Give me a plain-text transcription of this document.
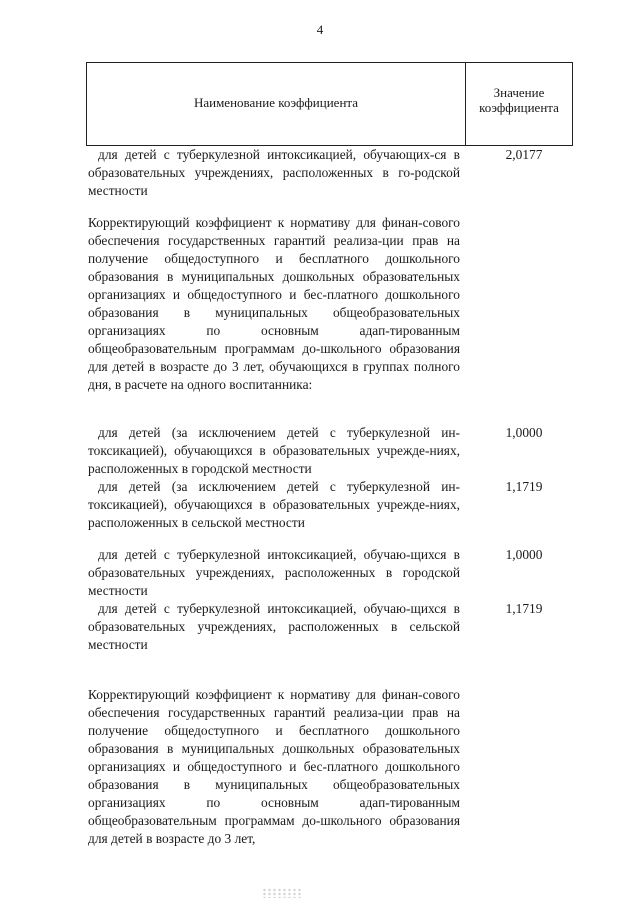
4
Наименование коэффициента
Значение
коэффициента
для детей с туберкулезной интоксикацией, обучающих-ся в образовательных учреждениях, расположенных в го-родской местности
2,0177
Корректирующий коэффициент к нормативу для финан-сового обеспечения государственных гарантий реализа-ции прав на получение общедоступного и бесплатного дошкольного образования в муниципальных дошкольных образовательных организациях и общедоступного и бес-платного дошкольного образования в муниципальных общеобразовательных организациях по основным адап-тированным общеобразовательным программам до-школьного образования для детей в возрасте до 3 лет, обучающихся в группах полного дня, в расчете на одного воспитанника:
для детей (за исключением детей с туберкулезной ин-токсикацией), обучающихся в образовательных учрежде-ниях, расположенных в городской местности
1,0000
для детей (за исключением детей с туберкулезной ин-токсикацией), обучающихся в образовательных учрежде-ниях, расположенных в сельской местности
1,1719
для детей с туберкулезной интоксикацией, обучаю-щихся в образовательных учреждениях, расположенных в городской местности
1,0000
для детей с туберкулезной интоксикацией, обучаю-щихся в образовательных учреждениях, расположенных в сельской местности
1,1719
Корректирующий коэффициент к нормативу для финан-сового обеспечения государственных гарантий реализа-ции прав на получение общедоступного и бесплатного дошкольного образования в муниципальных дошкольных образовательных организациях и общедоступного и бес-платного дошкольного образования в муниципальных общеобразовательных организациях по основным адап-тированным общеобразовательным программам до-школьного образования для детей в возрасте до 3 лет,
